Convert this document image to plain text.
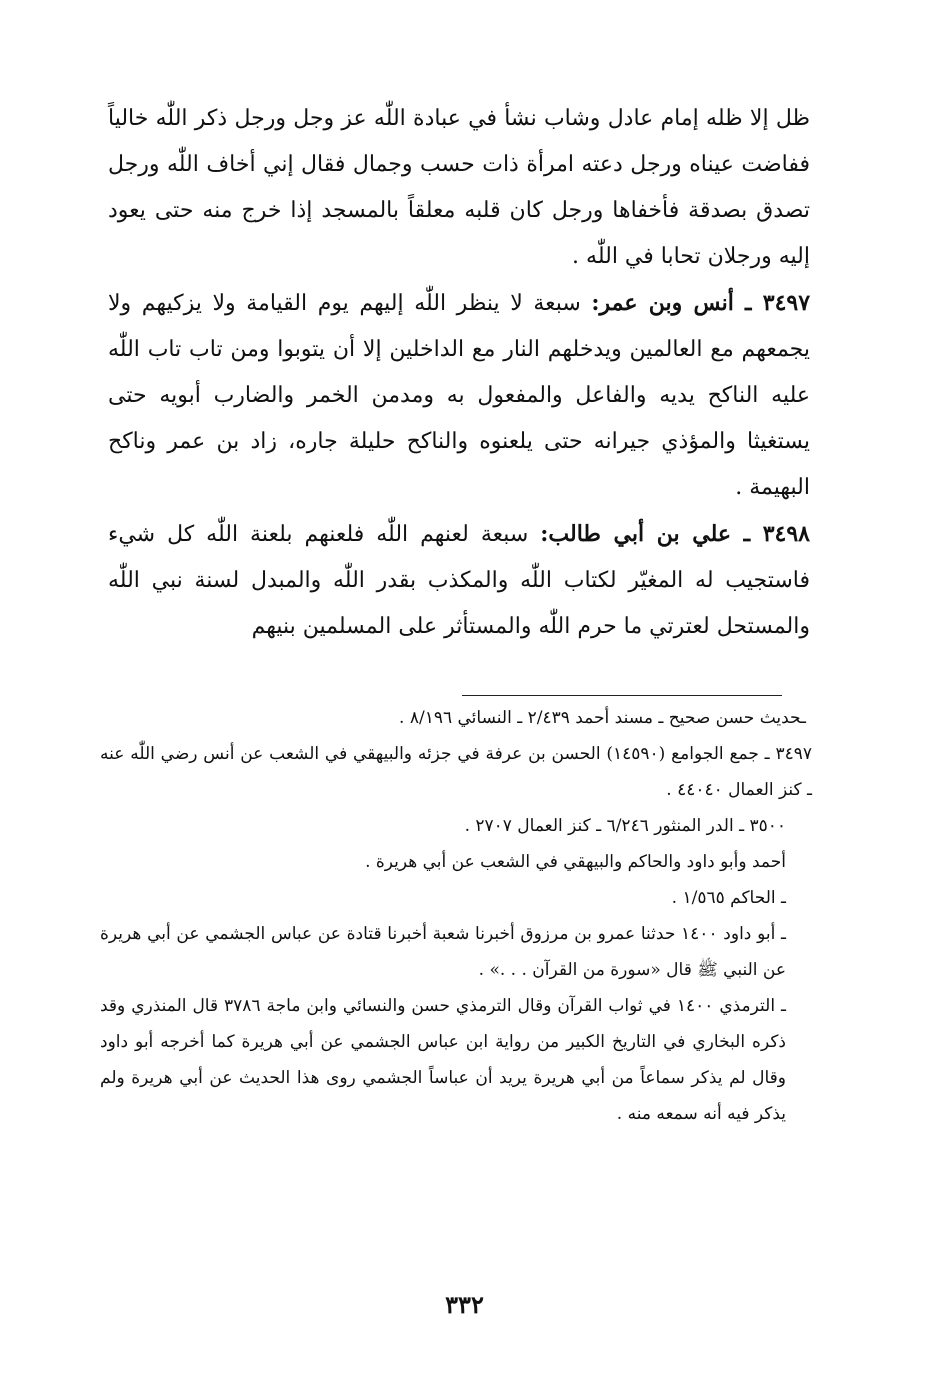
ظل إلا ظله إمام عادل وشاب نشأ في عبادة اللّٰه عز وجل ورجل ذكر اللّٰه خالياً ففاضت عيناه ورجل دعته امرأة ذات حسب وجمال فقال إني أخاف اللّٰه ورجل تصدق بصدقة فأخفاها ورجل كان قلبه معلقاً بالمسجد إذا خرج منه حتى يعود إليه ورجلان تحابا في اللّٰه .

٣٤٩٧ ـ أنس وبن عمر: سبعة لا ينظر اللّٰه إليهم يوم القيامة ولا يزكيهم ولا يجمعهم مع العالمين ويدخلهم النار مع الداخلين إلا أن يتوبوا ومن تاب تاب اللّٰه عليه الناكح يديه والفاعل والمفعول به ومدمن الخمر والضارب أبويه حتى يستغيثا والمؤذي جيرانه حتى يلعنوه والناكح حليلة جاره، زاد بن عمر وناكح البهيمة .

٣٤٩٨ ـ علي بن أبي طالب: سبعة لعنهم اللّٰه فلعنهم بلعنة اللّٰه كل شيء فاستجيب له المغيّر لكتاب اللّٰه والمكذب بقدر اللّٰه والمبدل لسنة نبي اللّٰه والمستحل لعترتي ما حرم اللّٰه والمستأثر على المسلمين بنيهم

ـحديث حسن صحيح ـ مسند أحمد ٢/٤٣٩ ـ النسائي ٨/١٩٦ .

٣٤٩٧ ـ جمع الجوامع (١٤٥٩٠) الحسن بن عرفة في جزئه والبيهقي في الشعب عن أنس رضي اللّٰه عنه ـ كنز العمال ٤٤٠٤٠ .

٣٥٠٠ ـ الدر المنثور ٦/٢٤٦ ـ كنز العمال ٢٧٠٧ .

أحمد وأبو داود والحاكم والبيهقي في الشعب عن أبي هريرة .

ـ الحاكم ١/٥٦٥ .

ـ أبو داود ١٤٠٠ حدثنا عمرو بن مرزوق أخبرنا شعبة أخبرنا قتادة عن عباس الجشمي عن أبي هريرة عن النبي ﷺ قال «سورة من القرآن . . .» .

ـ الترمذي ١٤٠٠ في ثواب القرآن وقال الترمذي حسن والنسائي وابن ماجة ٣٧٨٦ قال المنذري وقد ذكره البخاري في التاريخ الكبير من رواية ابن عباس الجشمي عن أبي هريرة كما أخرجه أبو داود وقال لم يذكر سماعاً من أبي هريرة يريد أن عباساً الجشمي روى هذا الحديث عن أبي هريرة ولم يذكر فيه أنه سمعه منه .

٣٣٢
